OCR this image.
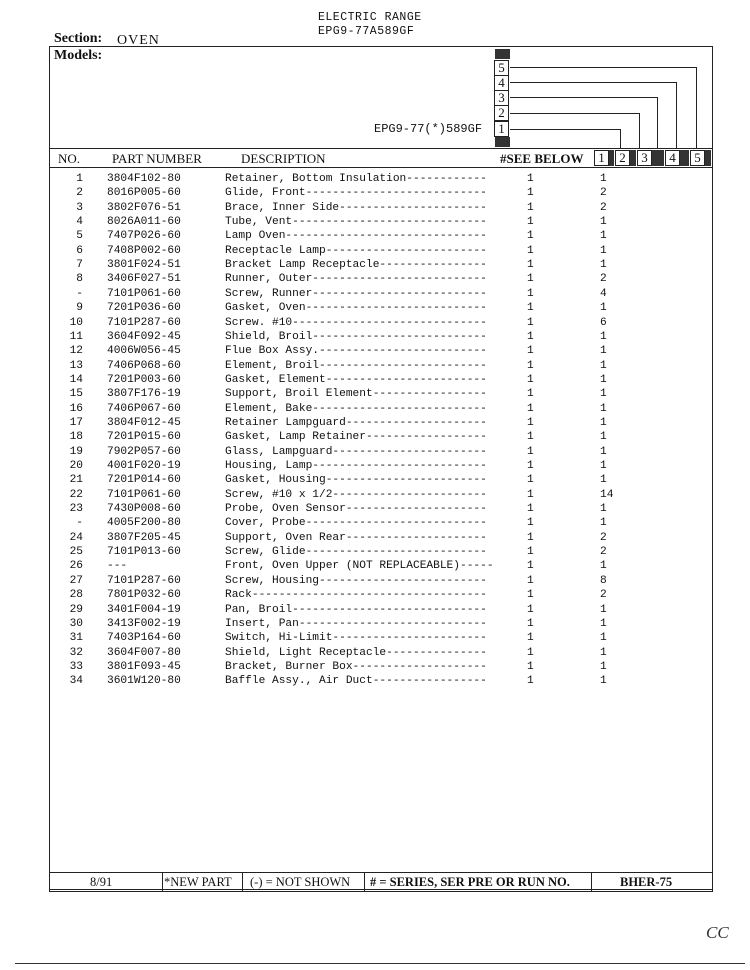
ELECTRIC RANGE
EPG9-77A589GF
Section: OVEN
Models:
5
4
3
2
1
EPG9-77(*)589GF
NO. PART NUMBER	DESCRIPTION	#SEE BELOW	1	2	3	4	5
1 3804F102-80	Retainer, Bottom Insulation------------	1	1
2 8016P005-60	Glide, Front---------------------------	1	2
3 3802F076-51	Brace, Inner Side----------------------	1	2
4 8026A011-60	Tube, Vent-----------------------------	1	1
5 7407P026-60	Lamp Oven------------------------------	1	1
6 7408P002-60	Receptacle Lamp------------------------	1	1
7 3801F024-51	Bracket Lamp Receptacle----------------	1	1
8 3406F027-51	Runner, Outer--------------------------	1	2
- 7101P061-60	Screw, Runner--------------------------	1	4
9 7201P036-60	Gasket, Oven---------------------------	1	1
10 7101P287-60	Screw. #10-----------------------------	1	6
11 3604F092-45	Shield, Broil--------------------------	1	1
12 4006W056-45	Flue Box Assy.-------------------------	1	1
13 7406P068-60	Element, Broil-------------------------	1	1
14 7201P003-60	Gasket, Element------------------------	1	1
15 3807F176-19	Support, Broil Element-----------------	1	1
16 7406P067-60	Element, Bake--------------------------	1	1
17 3804F012-45	Retainer Lampguard---------------------	1	1
18 7201P015-60	Gasket, Lamp Retainer------------------	1	1
19 7902P057-60	Glass, Lampguard-----------------------	1	1
20 4001F020-19	Housing, Lamp--------------------------	1	1
21 7201P014-60	Gasket, Housing------------------------	1	1
22 7101P061-60	Screw, #10 x 1/2-----------------------	1	14
23 7430P008-60	Probe, Oven Sensor---------------------	1	1
- 4005F200-80	Cover, Probe---------------------------	1	1
24 3807F205-45	Support, Oven Rear---------------------	1	2
25 7101P013-60	Screw, Glide---------------------------	1	2
26 ---	Front, Oven Upper (NOT REPLACEABLE)-----	1	1
27 7101P287-60	Screw, Housing-------------------------	1	8
28 7801P032-60	Rack-----------------------------------	1	2
29 3401F004-19	Pan, Broil-----------------------------	1	1
30 3413F002-19	Insert, Pan----------------------------	1	1
31 7403P164-60	Switch, Hi-Limit-----------------------	1	1
32 3604F007-80	Shield, Light Receptacle---------------	1	1
33 3801F093-45	Bracket, Burner Box--------------------	1	1
34 3601W120-80	Baffle Assy., Air Duct-----------------	1	1
8/91	*NEW PART (-) = NOT SHOWN # = SERIES, SER PRE OR RUN NO.	BHER-75
CC
